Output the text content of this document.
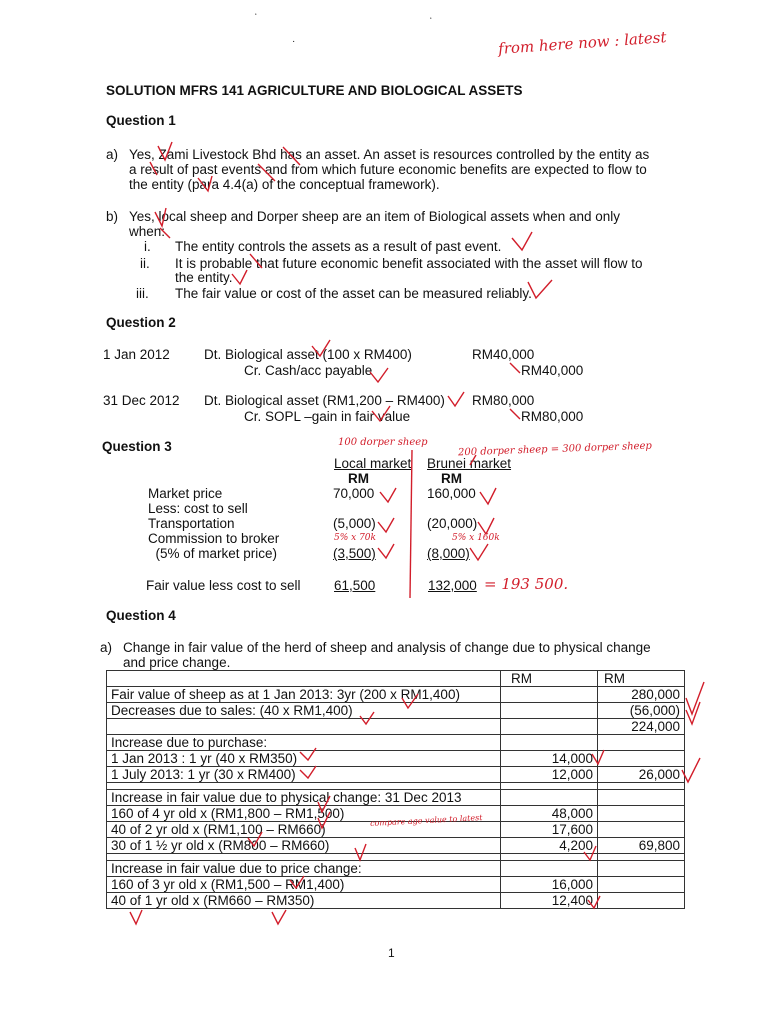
ʻ	ʻ
·	from here now : latest
SOLUTION MFRS 141 AGRICULTURE AND BIOLOGICAL ASSETS
Question 1
a) Yes, Zami Livestock Bhd has an asset. An asset is resources controlled by the entity as
a result of past events and from which future economic benefits are expected to flow to
the entity (para 4.4(a) of the conceptual framework).
b) Yes, local sheep and Dorper sheep are an item of Biological assets when and only
when:
i. The entity controls the assets as a result of past event.
ii. It is probable that future economic benefit associated with the asset will flow to
the entity.
iii. The fair value or cost of the asset can be measured reliably.
Question 2
1 Jan 2012	Dt. Biological asset (100 x RM400)	RM40,000
Cr. Cash/acc payable	RM40,000
31 Dec 2012 Dt. Biological asset (RM1,200 – RM400) RM80,000
Cr. SOPL –gain in fair value	RM80,000
Question 3	100 dorper sheep	200 dorper sheep = 300 dorper sheep
Local market Brunei market
RM	RM
Market price	70,000	160,000
Less: cost to sell
Transportation	(5,000)	(20,000)
Commission to broker	5% x 70k	5% x 160k
(5% of market price)	(3,500)	(8,000)
Fair value less cost to sell 61,500	132,000 = 193 500.
Question 4
a) Change in fair value of the herd of sheep and analysis of change due to physical change
and price change.
	RM	RM
Fair value of sheep as at 1 Jan 2013: 3yr (200 x RM1,400)		280,000
Decreases due to sales: (40 x RM1,400)		(56,000)
		224,000
Increase due to purchase:		
1 Jan 2013 : 1 yr (40 x RM350)	14,000	
1 July 2013: 1 yr (30 x RM400)	12,000	26,000

Increase in fair value due to physical change: 31 Dec 2013		
160 of 4 yr old x (RM1,800 – RM1,500)	48,000	
40 of 2 yr old x (RM1,100 – RM660)	17,600	
30 of 1 ½ yr old x (RM800 – RM660)	4,200	69,800

Increase in fair value due to price change:		
160 of 3 yr old x (RM1,500 – RM1,400)	16,000	
40 of 1 yr old x (RM660 – RM350)	12,400	
compare age value to latest
1
